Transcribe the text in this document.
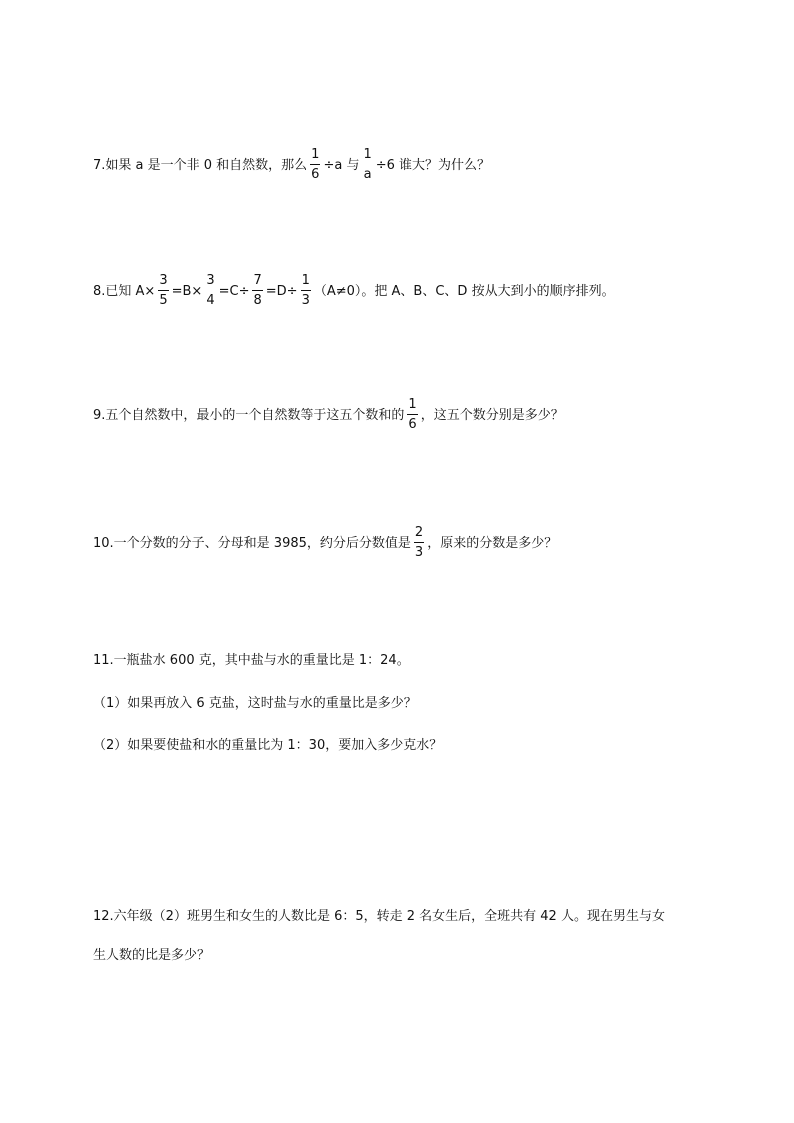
7.如果 a 是一个非 0 和自然数，那么 $\frac{1}{6} \div a$ 与
1
a
÷6 谁大？为什么？
8.已知 $A\times \frac{3}{5} =B\times$
3
4
$=C\div \frac{7}{8} =D\div \frac{1}{3} (A\ne 0)$。把 A、B、C、D 按从大到小的顺序排列。
9.五个自然数中，最小的一个自然数等于这五个数和的 $\frac{1}{6}$ ，这五个数分别是多少？
10.一个分数的分子、分母和是 3985，约分后分数值是 $\frac{2}{3}$ ，原来的分数是多少？
11.一瓶盐水 600 克，其中盐与水的重量比是 1：24。
（1）如果再放入 6 克盐，这时盐与水的重量比是多少？
（2）如果要使盐和水的重量比为 1：30，要加入多少克水？
12.六年级（2）班男生和女生的人数比是 6：5，转走 2 名女生后，全班共有 42 人。现在男生与女
生人数的比是多少？
